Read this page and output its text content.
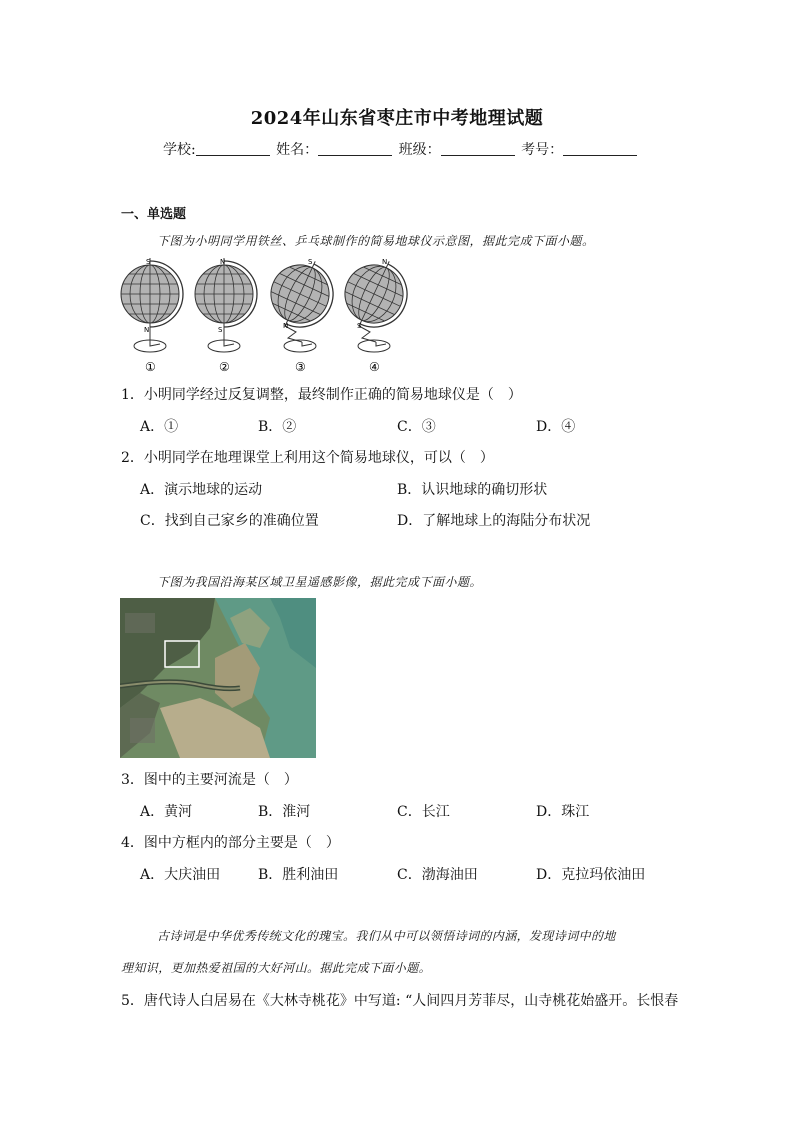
2024年山东省枣庄市中考地理试题
学校:	姓名：	班级：	考号：
一、单选题
下图为小明同学用铁丝、乒乓球制作的简易地球仪示意图，据此完成下面小题。
S
N
①
N
S
②
S
N
③
N
S
④
1．小明同学经过反复调整，最终制作正确的简易地球仪是（　）
A．①	B．②	C．③	D．④
2．小明同学在地理课堂上利用这个简易地球仪，可以（　）
A．演示地球的运动	B．认识地球的确切形状
C．找到自己家乡的准确位置	D．了解地球上的海陆分布状况
下图为我国沿海某区域卫星遥感影像，据此完成下面小题。
3．图中的主要河流是（　）
A．黄河	B．淮河	C．长江	D．珠江
4．图中方框内的部分主要是（　）
A．大庆油田	B．胜利油田	C．渤海油田	D．克拉玛依油田
古诗词是中华优秀传统文化的瑰宝。我们从中可以领悟诗词的内涵，发现诗词中的地
理知识，更加热爱祖国的大好河山。据此完成下面小题。
5．唐代诗人白居易在《大林寺桃花》中写道: “人间四月芳菲尽，山寺桃花始盛开。长恨春
